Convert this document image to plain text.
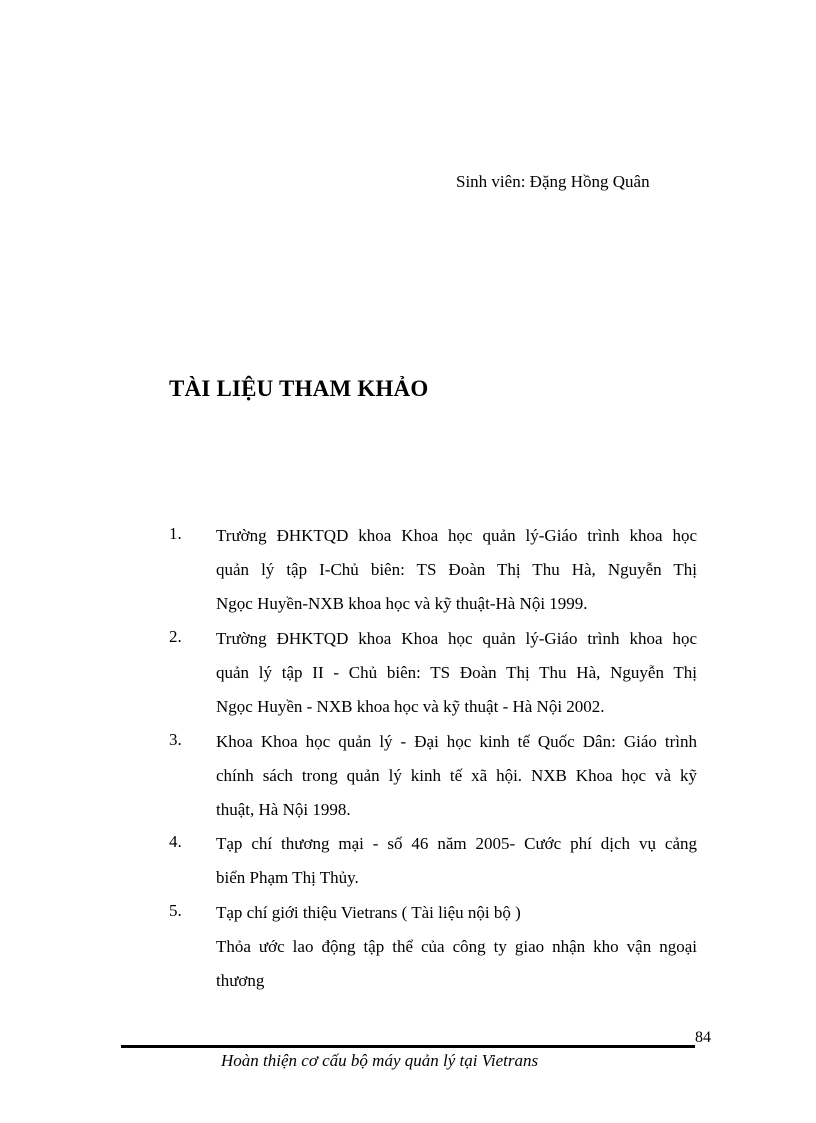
Sinh viên: Đặng Hồng Quân
TÀI LIỆU THAM KHẢO
1.	Trường ĐHKTQD khoa Khoa học quản lý-Giáo trình khoa học
quản lý tập I-Chủ biên: TS Đoàn Thị Thu Hà, Nguyễn Thị
Ngọc Huyền-NXB khoa học và kỹ thuật-Hà Nội 1999.
2.	Trường ĐHKTQD khoa Khoa học quản lý-Giáo trình khoa học
quản lý tập II - Chủ biên: TS Đoàn Thị Thu Hà, Nguyễn Thị
Ngọc Huyền - NXB khoa học và kỹ thuật - Hà Nội 2002.
3.	Khoa Khoa học quản lý - Đại học kinh tế Quốc Dân: Giáo trình
chính sách trong quản lý kinh tế xã hội. NXB Khoa học và kỹ
thuật, Hà Nội 1998.
4.	Tạp chí thương mại - số 46 năm 2005- Cước phí dịch vụ cảng
biển Phạm Thị Thủy.
5.	Tạp chí giới thiệu Vietrans ( Tài liệu nội bộ )
Thỏa ước lao động tập thể của công ty giao nhận kho vận ngoại
thương
84
Hoàn thiện cơ cấu bộ máy quản lý tại Vietrans
